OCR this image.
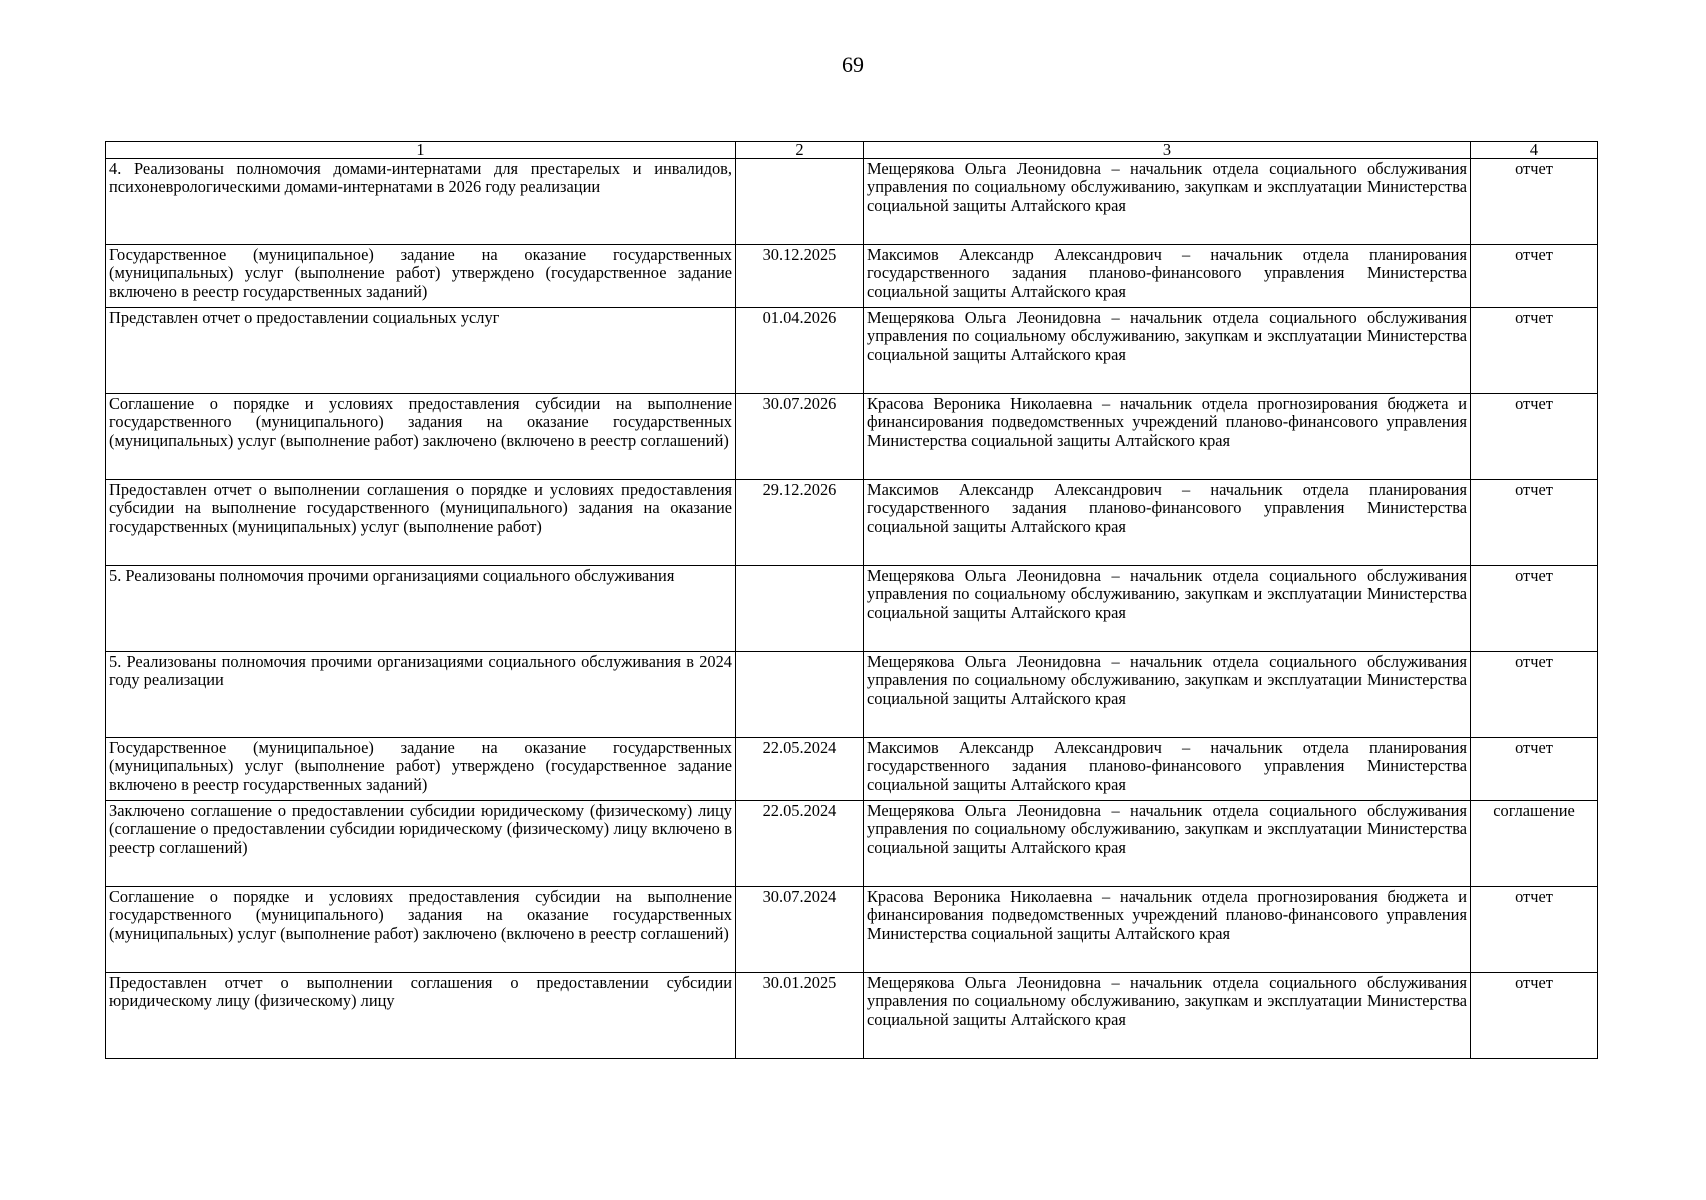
69
1	2	3	4
4. Реализованы полномочия домами-интернатами для престарелых и инвалидов, психоневрологическими домами-интернатами в 2026 году реализации		Мещерякова Ольга Леонидовна – начальник отдела социального обслуживания управления по социальному обслуживанию, закупкам и эксплуатации Министерства социальной защиты Алтайского края	отчет
Государственное (муниципальное) задание на оказание государственных (муниципальных) услуг (выполнение работ) утверждено (государственное задание включено в реестр государственных заданий)	30.12.2025	Максимов Александр Александрович – начальник отдела планирования государственного задания планово-финансового управления Министерства социальной защиты Алтайского края	отчет
Представлен отчет о предоставлении социальных услуг	01.04.2026	Мещерякова Ольга Леонидовна – начальник отдела социального обслуживания управления по социальному обслуживанию, закупкам и эксплуатации Министерства социальной защиты Алтайского края	отчет
Соглашение о порядке и условиях предоставления субсидии на выполнение государственного (муниципального) задания на оказание государственных (муниципальных) услуг (выполнение работ) заключено (включено в реестр соглашений)	30.07.2026	Красова Вероника Николаевна – начальник отдела прогнозирования бюджета и финансирования подведомственных учреждений планово-финансового управления Министерства социальной защиты Алтайского края	отчет
Предоставлен отчет о выполнении соглашения о порядке и условиях предоставления субсидии на выполнение государственного (муниципального) задания на оказание государственных (муниципальных) услуг (выполнение работ)	29.12.2026	Максимов Александр Александрович – начальник отдела планирования государственного задания планово-финансового управления Министерства социальной защиты Алтайского края	отчет
5. Реализованы полномочия прочими организациями социального обслуживания		Мещерякова Ольга Леонидовна – начальник отдела социального обслуживания управления по социальному обслуживанию, закупкам и эксплуатации Министерства социальной защиты Алтайского края	отчет
5. Реализованы полномочия прочими организациями социального обслуживания в 2024 году реализации		Мещерякова Ольга Леонидовна – начальник отдела социального обслуживания управления по социальному обслуживанию, закупкам и эксплуатации Министерства социальной защиты Алтайского края	отчет
Государственное (муниципальное) задание на оказание государственных (муниципальных) услуг (выполнение работ) утверждено (государственное задание включено в реестр государственных заданий)	22.05.2024	Максимов Александр Александрович – начальник отдела планирования государственного задания планово-финансового управления Министерства социальной защиты Алтайского края	отчет
Заключено соглашение о предоставлении субсидии юридическому (физическому) лицу (соглашение о предоставлении субсидии юридическому (физическому) лицу включено в реестр соглашений)	22.05.2024	Мещерякова Ольга Леонидовна – начальник отдела социального обслуживания управления по социальному обслуживанию, закупкам и эксплуатации Министерства социальной защиты Алтайского края	соглашение
Соглашение о порядке и условиях предоставления субсидии на выполнение государственного (муниципального) задания на оказание государственных (муниципальных) услуг (выполнение работ) заключено (включено в реестр соглашений)	30.07.2024	Красова Вероника Николаевна – начальник отдела прогнозирования бюджета и финансирования подведомственных учреждений планово-финансового управления Министерства социальной защиты Алтайского края	отчет
Предоставлен отчет о выполнении соглашения о предоставлении субсидии юридическому лицу (физическому) лицу	30.01.2025	Мещерякова Ольга Леонидовна – начальник отдела социального обслуживания управления по социальному обслуживанию, закупкам и эксплуатации Министерства социальной защиты Алтайского края	отчет
